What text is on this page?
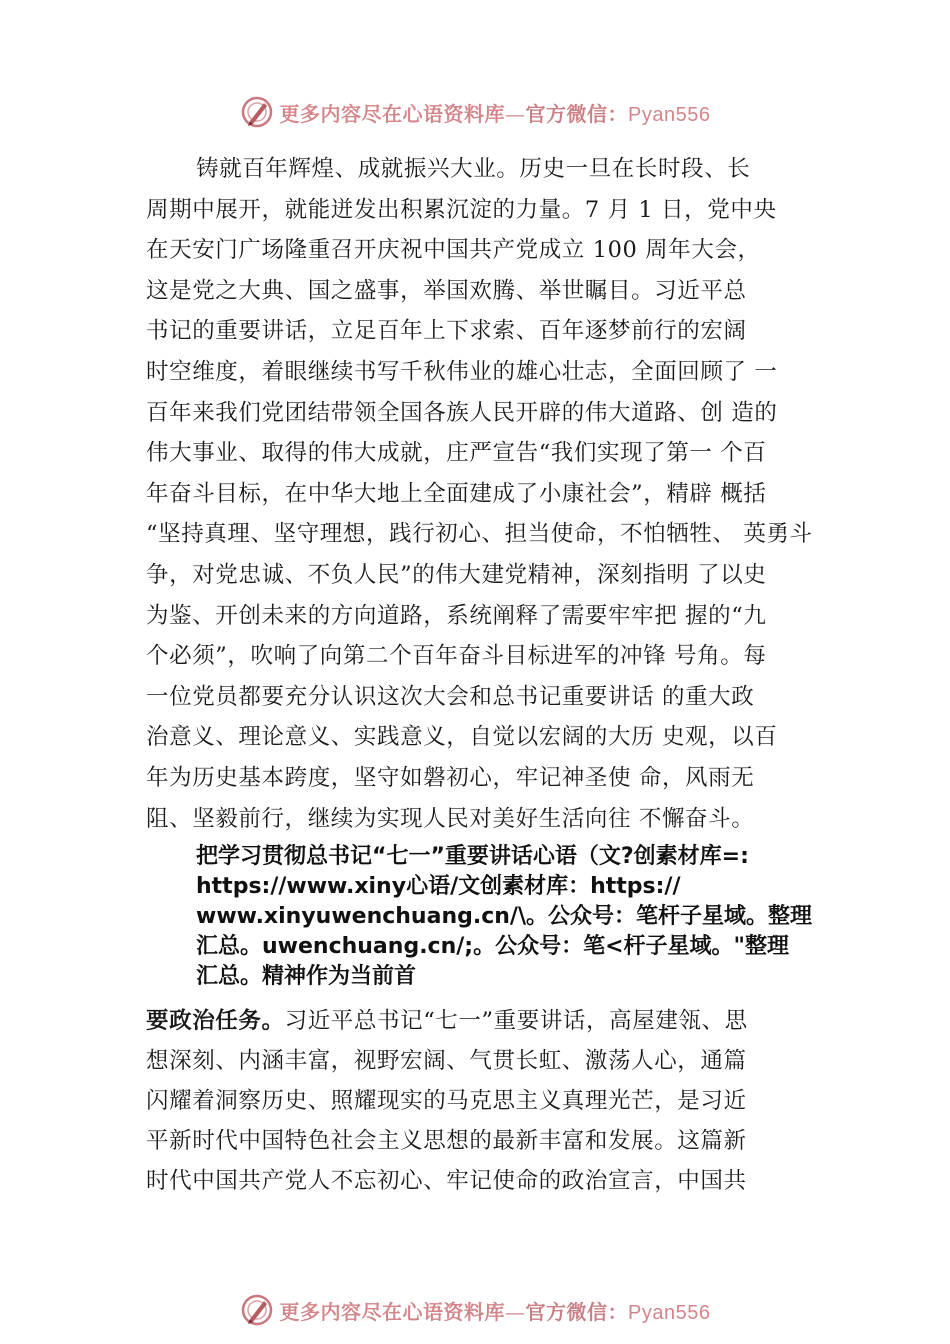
更多内容尽在心语资料库—官方微信：Pyan556
铸就百年辉煌、成就振兴大业。历史一旦在长时段、长
周期中展开，就能迸发出积累沉淀的力量。7 月 1 日，党中央
在天安门广场隆重召开庆祝中国共产党成立 100 周年大会，
这是党之大典、国之盛事，举国欢腾、举世瞩目。习近平总
书记的重要讲话，立足百年上下求索、百年逐梦前行的宏阔
时空维度，着眼继续书写千秋伟业的雄心壮志，全面回顾了 一
百年来我们党团结带领全国各族人民开辟的伟大道路、创 造的
伟大事业、取得的伟大成就，庄严宣告“我们实现了第一 个百
年奋斗目标，在中华大地上全面建成了小康社会”，精辟 概括
“坚持真理、坚守理想，践行初心、担当使命，不怕牺牲、 英勇斗
争，对党忠诚、不负人民”的伟大建党精神，深刻指明 了以史
为鉴、开创未来的方向道路，系统阐释了需要牢牢把 握的“九
个必须”，吹响了向第二个百年奋斗目标进军的冲锋 号角。每
一位党员都要充分认识这次大会和总书记重要讲话 的重大政
治意义、理论意义、实践意义，自觉以宏阔的大历 史观，以百
年为历史基本跨度，坚守如磐初心，牢记神圣使 命，风雨无
阻、坚毅前行，继续为实现人民对美好生活向往 不懈奋斗。
把学习贯彻总书记“七一”重要讲话心语（文?创素材库=:
https://www.xiny心语/文创素材库：https://
www.xinyuwenchuang.cn/\。公众号：笔杆子星域。整理
汇总。uwenchuang.cn/;。公众号：笔<杆子星域。"整理
汇总。精神作为当前首
要政治任务。习近平总书记“七一”重要讲话，高屋建瓴、思
想深刻、内涵丰富，视野宏阔、气贯长虹、激荡人心，通篇
闪耀着洞察历史、照耀现实的马克思主义真理光芒，是习近
平新时代中国特色社会主义思想的最新丰富和发展。这篇新
时代中国共产党人不忘初心、牢记使命的政治宣言，中国共
更多内容尽在心语资料库—官方微信：Pyan556
